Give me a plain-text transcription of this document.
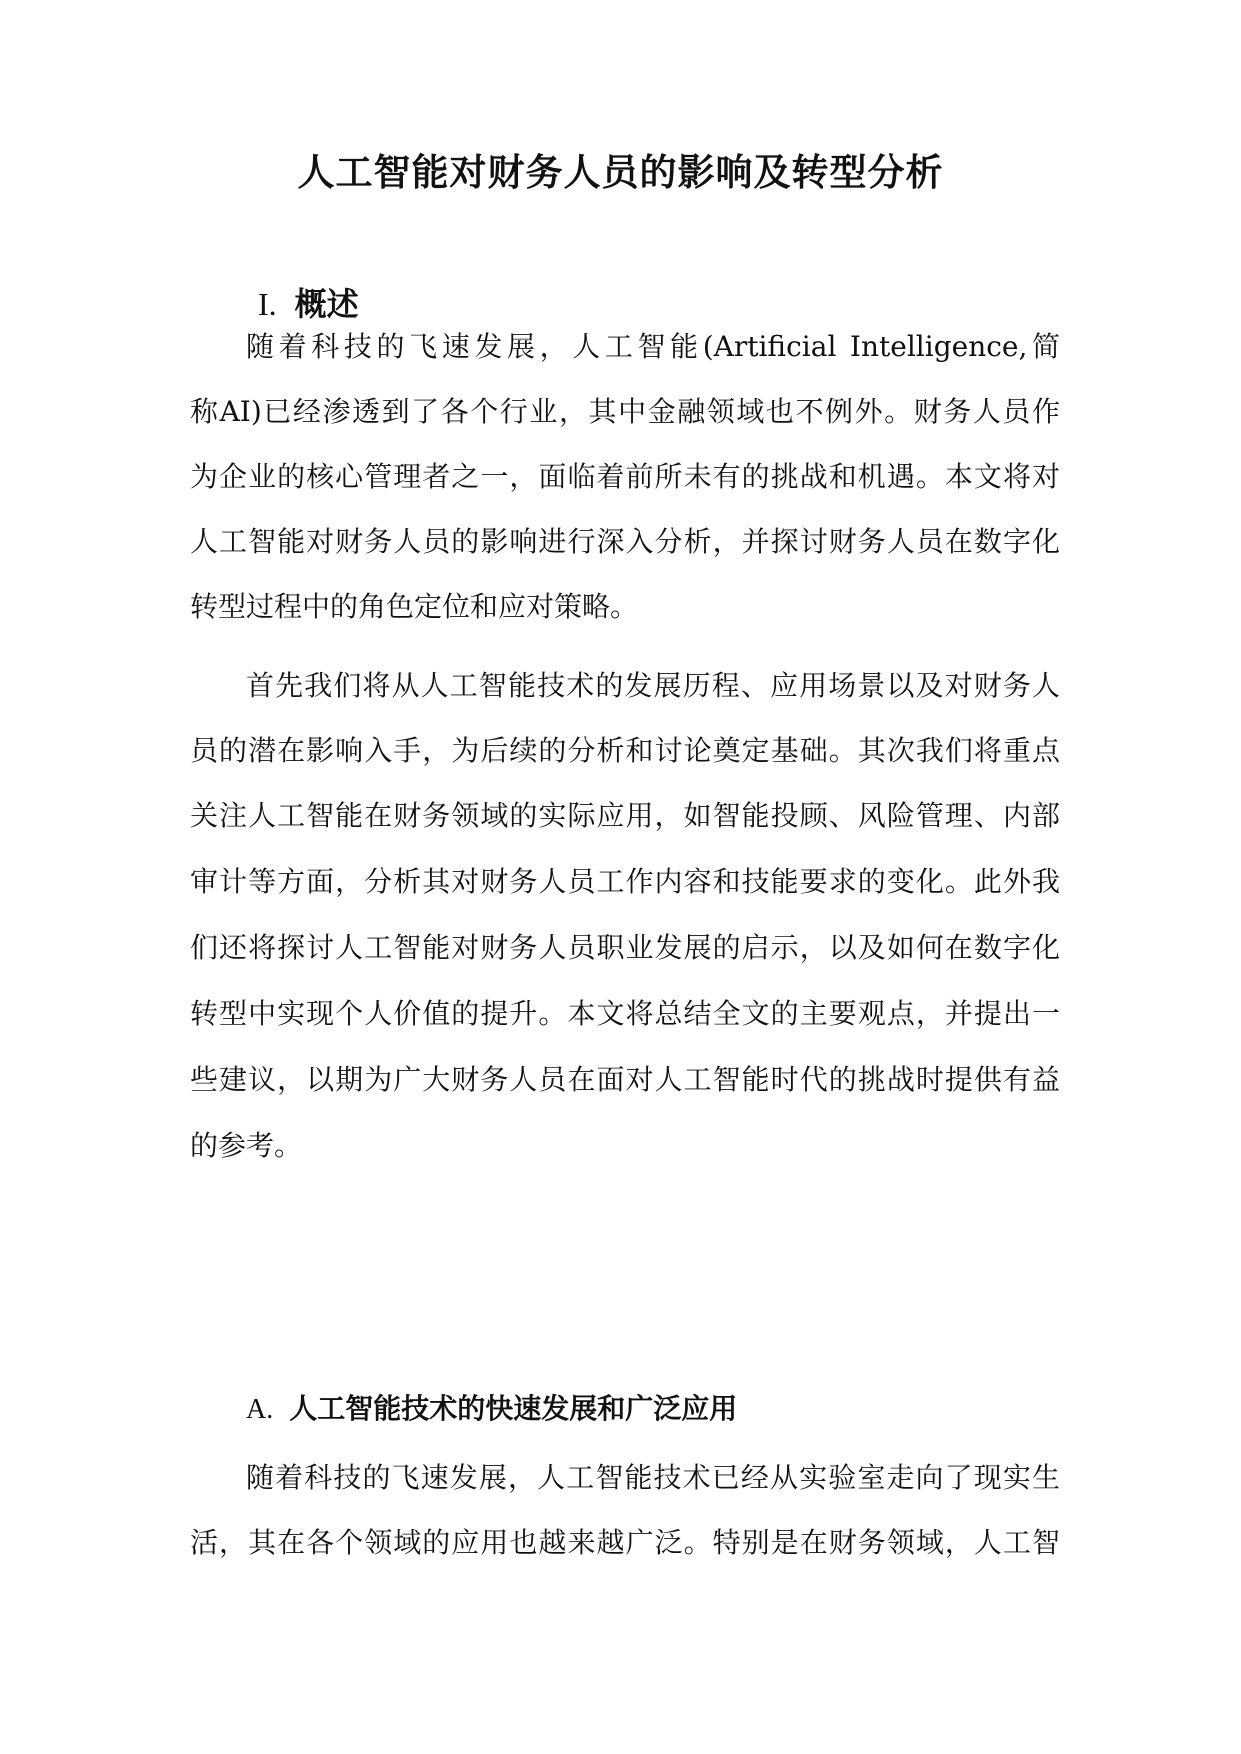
人工智能对财务人员的影响及转型分析
I. 概述
随着科技的飞速发展，人工智能(Artificial Intelligence,简
称AI)已经渗透到了各个行业，其中金融领域也不例外。财务人员作
为企业的核心管理者之一，面临着前所未有的挑战和机遇。本文将对
人工智能对财务人员的影响进行深入分析，并探讨财务人员在数字化
转型过程中的角色定位和应对策略。
首先我们将从人工智能技术的发展历程、应用场景以及对财务人
员的潜在影响入手，为后续的分析和讨论奠定基础。其次我们将重点
关注人工智能在财务领域的实际应用，如智能投顾、风险管理、内部
审计等方面，分析其对财务人员工作内容和技能要求的变化。此外我
们还将探讨人工智能对财务人员职业发展的启示，以及如何在数字化
转型中实现个人价值的提升。本文将总结全文的主要观点，并提出一
些建议，以期为广大财务人员在面对人工智能时代的挑战时提供有益
的参考。
A. 人工智能技术的快速发展和广泛应用
随着科技的飞速发展，人工智能技术已经从实验室走向了现实生
活，其在各个领域的应用也越来越广泛。特别是在财务领域，人工智
